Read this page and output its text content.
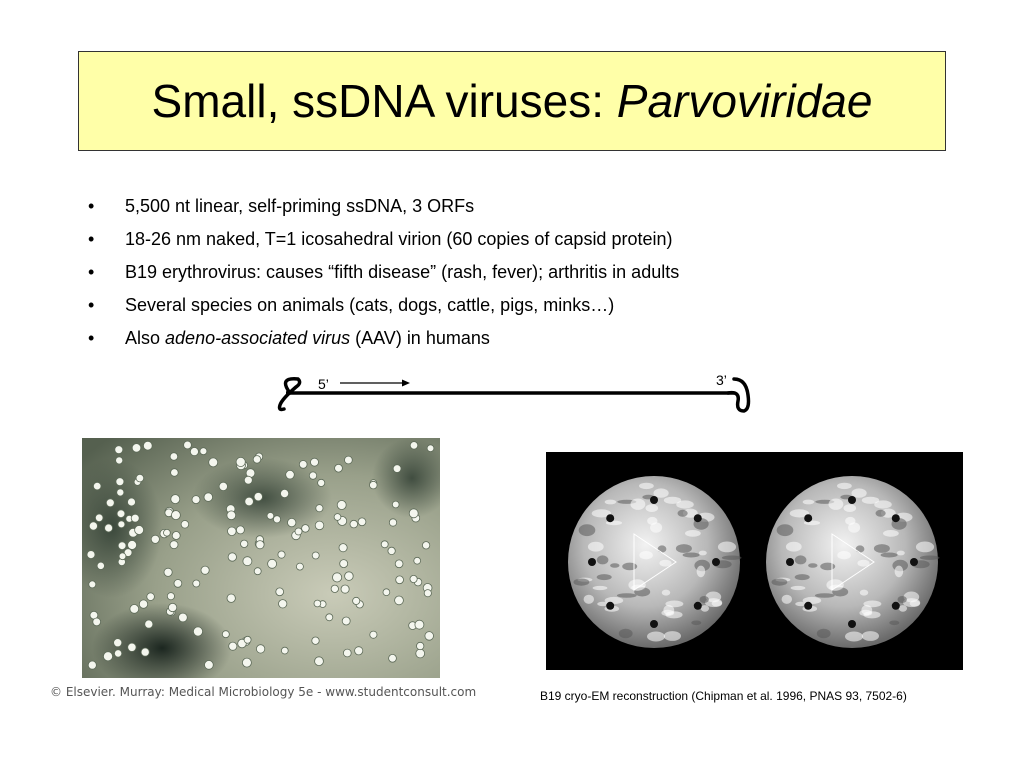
Small, ssDNA viruses: Parvoviridae
• 5,500 nt linear, self-priming ssDNA, 3 ORFs
• 18-26 nm naked, T=1 icosahedral virion (60 copies of capsid protein)
• B19 erythrovirus: causes “fifth disease” (rash, fever); arthritis in adults
• Several species on animals (cats, dogs, cattle, pigs, minks…)
• Also adeno-associated virus (AAV) in humans
5’	3’
© Elsevier. Murray: Medical Microbiology 5e - www.studentconsult.com	B19 cryo-EM reconstruction (Chipman et al. 1996, PNAS 93, 7502-6)
